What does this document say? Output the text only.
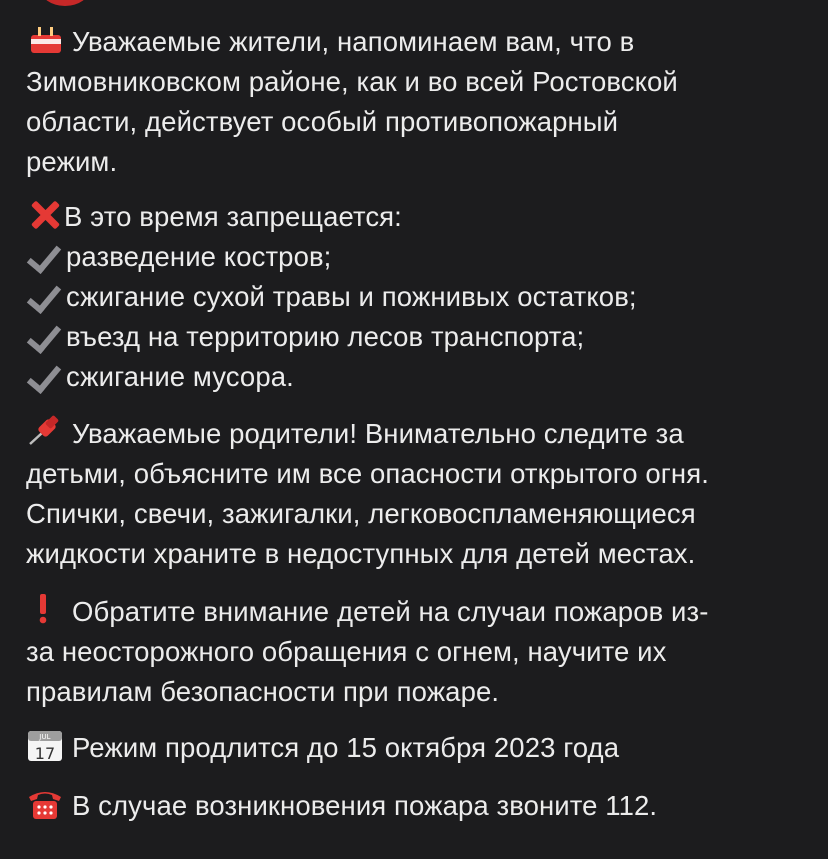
Уважаемые жители, напоминаем вам, что в
Зимовниковском районе, как и во всей Ростовской
области, действует особый противопожарный
режим.

В это время запрещается:
разведение костров;
сжигание сухой травы и пожнивых остатков;
въезд на территорию лесов транспорта;
сжигание мусора.

Уважаемые родители! Внимательно следите за
детьми, объясните им все опасности открытого огня.
Спички, свечи, зажигалки, легковоспламеняющиеся
жидкости храните в недоступных для детей местах.

Обратите внимание детей на случаи пожаров из-
за неосторожного обращения с огнем, научите их
правилам безопасности при пожаре.

JUL
17 Режим продлится до 15 октября 2023 года

В случае возникновения пожара звоните 112.
